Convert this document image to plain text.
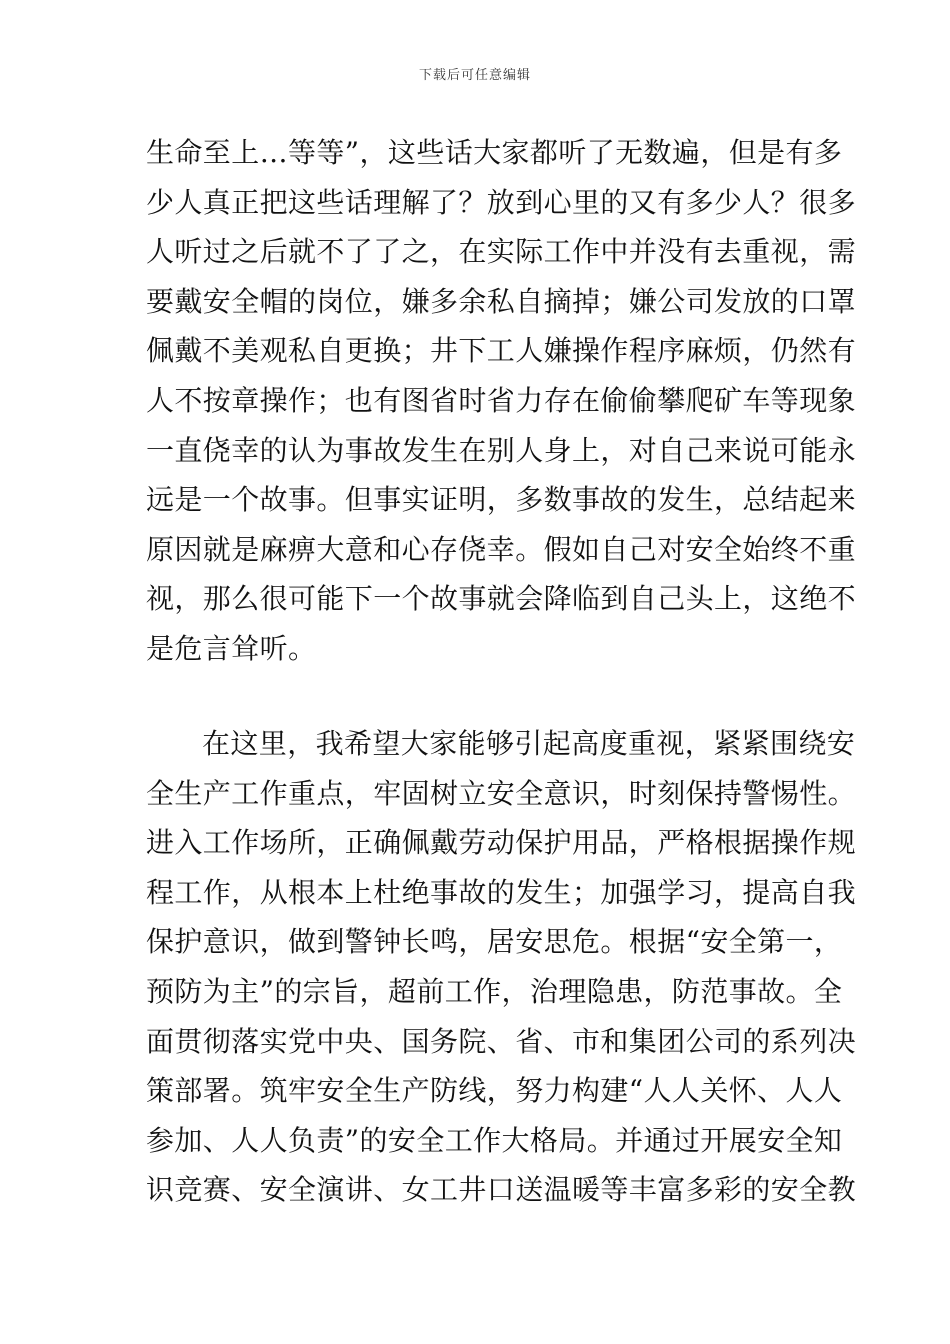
下载后可任意编辑
生命至上…等等”，这些话大家都听了无数遍，但是有多
少人真正把这些话理解了？放到心里的又有多少人？很多
人听过之后就不了了之，在实际工作中并没有去重视，需
要戴安全帽的岗位，嫌多余私自摘掉；嫌公司发放的口罩
佩戴不美观私自更换；井下工人嫌操作程序麻烦，仍然有
人不按章操作；也有图省时省力存在偷偷攀爬矿车等现象
一直侥幸的认为事故发生在别人身上，对自己来说可能永
远是一个故事。但事实证明，多数事故的发生，总结起来
原因就是麻痹大意和心存侥幸。假如自己对安全始终不重
视，那么很可能下一个故事就会降临到自己头上，这绝不
是危言耸听。
在这里，我希望大家能够引起高度重视，紧紧围绕安
全生产工作重点，牢固树立安全意识，时刻保持警惕性。
进入工作场所，正确佩戴劳动保护用品，严格根据操作规
程工作，从根本上杜绝事故的发生；加强学习，提高自我
保护意识，做到警钟长鸣，居安思危。根据“安全第一，
预防为主”的宗旨，超前工作，治理隐患，防范事故。全
面贯彻落实党中央、国务院、省、市和集团公司的系列决
策部署。筑牢安全生产防线，努力构建“人人关怀、人人
参加、人人负责”的安全工作大格局。并通过开展安全知
识竞赛、安全演讲、女工井口送温暖等丰富多彩的安全教
